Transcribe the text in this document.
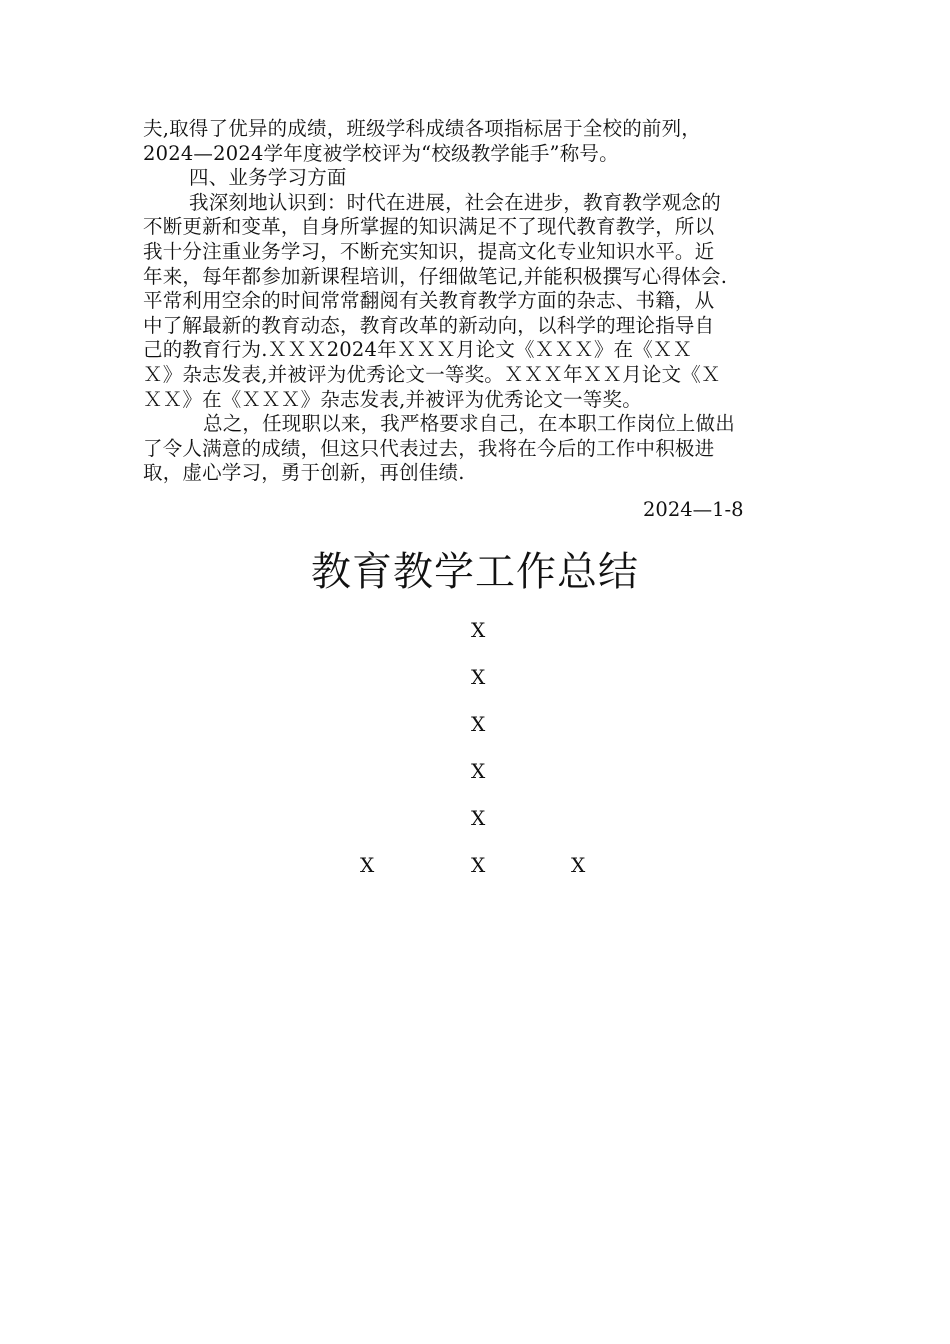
夫,取得了优异的成绩，班级学科成绩各项指标居于全校的前列，
2024—2024学年度被学校评为“校级教学能手”称号。
四、业务学习方面
我深刻地认识到：时代在进展，社会在进步，教育教学观念的
不断更新和变革，自身所掌握的知识满足不了现代教育教学，所以
我十分注重业务学习，不断充实知识，提高文化专业知识水平。近
年来，每年都参加新课程培训，仔细做笔记,并能积极撰写心得体会.
平常利用空余的时间常常翻阅有关教育教学方面的杂志、书籍，从
中了解最新的教育动态，教育改革的新动向，以科学的理论指导自
己的教育行为.ＸＸＸ2024年ＸＸＸ月论文《ＸＸＸ》在《ＸＸ
Ｘ》杂志发表,并被评为优秀论文一等奖。ＸＸＸ年ＸＸ月论文《Ｘ
ＸＸ》在《ＸＸＸ》杂志发表,并被评为优秀论文一等奖。
总之，任现职以来，我严格要求自己，在本职工作岗位上做出
了令人满意的成绩，但这只代表过去，我将在今后的工作中积极进
取，虚心学习，勇于创新，再创佳绩.
2024—1-8
教育教学工作总结
X
X
X
X
X
X	X	X
